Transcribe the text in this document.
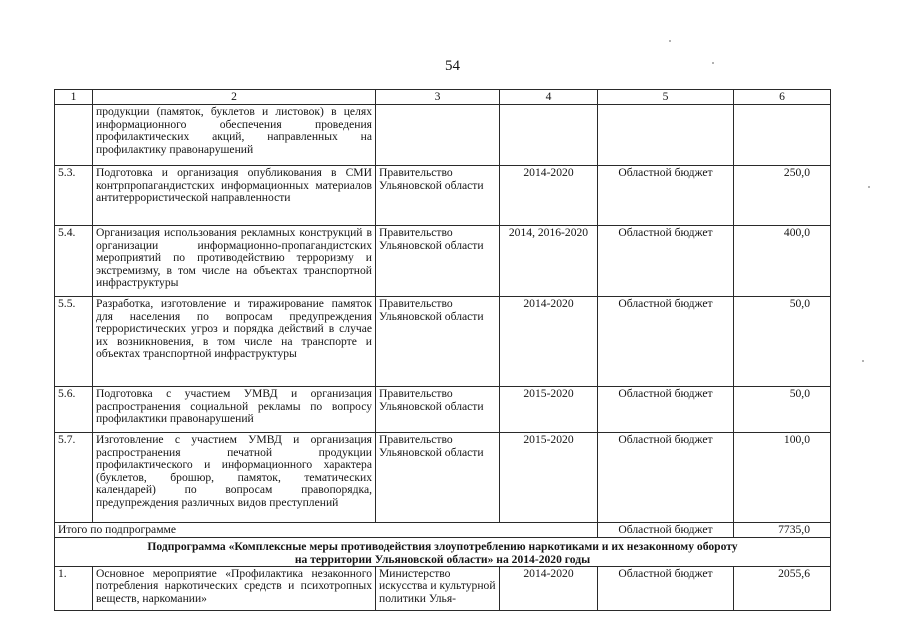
54
1	2	3	4	5	6
	продукции (памяток, буклетов и листовок) в целях информационного обеспечения проведения профилактических акций, направленных на профилактику правонарушений				
5.3.	Подготовка и организация опубликования в СМИ контрпропагандистских информационных материалов антитеррористической направленности	Правительство Ульяновской области	2014-2020	Областной бюджет	250,0
5.4.	Организация использования рекламных конструкций в организации информационно-пропагандистских мероприятий по противодействию терроризму и экстремизму, в том числе на объектах транспортной инфраструктуры	Правительство Ульяновской области	2014, 2016-2020	Областной бюджет	400,0
5.5.	Разработка, изготовление и тиражирование памяток для населения по вопросам предупреждения террористических угроз и порядка действий в случае их возникновения, в том числе на транспорте и объектах транспортной инфраструктуры	Правительство Ульяновской области	2014-2020	Областной бюджет	50,0
5.6.	Подготовка с участием УМВД и организация распространения социальной рекламы по вопросу профилактики правонарушений	Правительство Ульяновской области	2015-2020	Областной бюджет	50,0
5.7.	Изготовление с участием УМВД и организация распространения печатной продукции профилактического и информационного характера (буклетов, брошюр, памяток, тематических календарей) по вопросам правопорядка, предупреждения различных видов преступлений	Правительство Ульяновской области	2015-2020	Областной бюджет	100,0
Итого по подпрограмме				Областной бюджет	7735,0

Подпрограмма «Комплексные меры противодействия злоупотреблению наркотиками и их незаконному обороту
на территории Ульяновской области» на 2014-2020 годы					

1.	Основное мероприятие «Профилактика незаконного потребления наркотических средств и психотропных веществ, наркомании»	Министерство искусства и культурной политики Улья-	2014-2020	Областной бюджет	2055,6
